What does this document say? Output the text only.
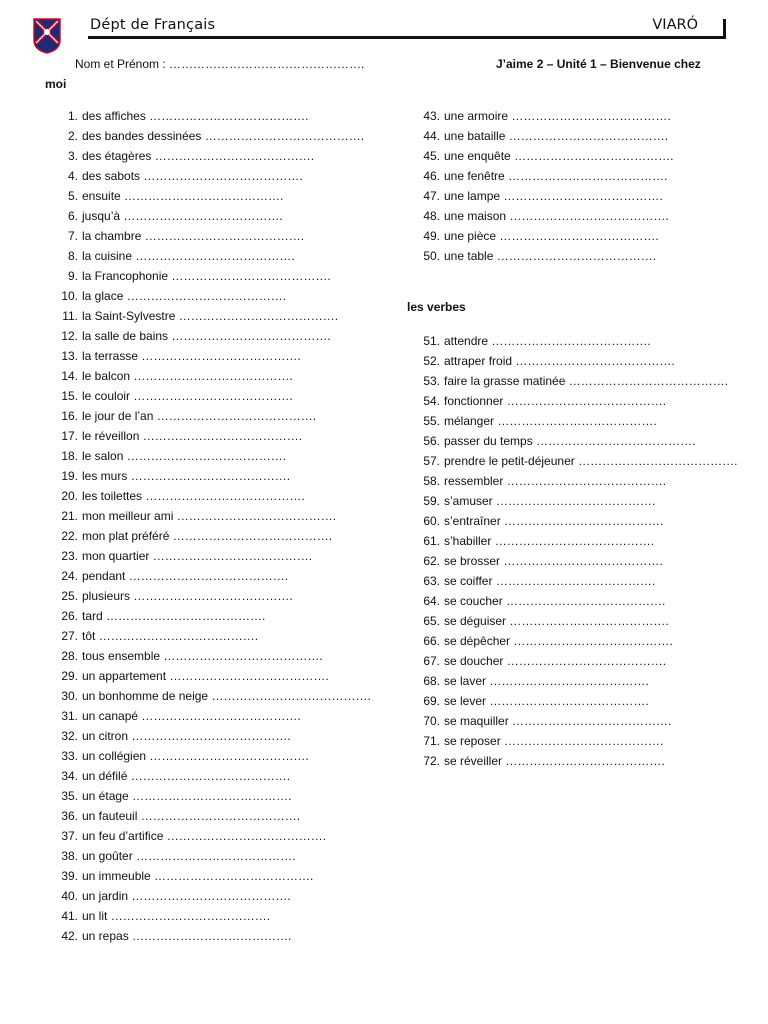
Dépt de Français	VIARÓ
Nom et Prénom : ………………………………………….	J’aime 2 – Unité 1 – Bienvenue chez
moi
1. des affiches ………………………………….
2. des bandes dessinées ………………………………….
3. des étagères ………………………………….
4. des sabots ………………………………….
5. ensuite ………………………………….
6. jusqu’à ………………………………….
7. la chambre ………………………………….
8. la cuisine ………………………………….
9. la Francophonie ………………………………….
10. la glace ………………………………….
11. la Saint-Sylvestre ………………………………….
12. la salle de bains ………………………………….
13. la terrasse ………………………………….
14. le balcon ………………………………….
15. le couloir ………………………………….
16. le jour de l’an ………………………………….
17. le réveillon ………………………………….
18. le salon ………………………………….
19. les murs ………………………………….
20. les toilettes ………………………………….
21. mon meilleur ami ………………………………….
22. mon plat préféré ………………………………….
23. mon quartier ………………………………….
24. pendant ………………………………….
25. plusieurs ………………………………….
26. tard ………………………………….
27. tôt ………………………………….
28. tous ensemble ………………………………….
29. un appartement ………………………………….
30. un bonhomme de neige ………………………………….
31. un canapé ………………………………….
32. un citron ………………………………….
33. un collégien ………………………………….
34. un défilé ………………………………….
35. un étage ………………………………….
36. un fauteuil ………………………………….
37. un feu d’artifice ………………………………….
38. un goûter ………………………………….
39. un immeuble ………………………………….
40. un jardin ………………………………….
41. un lit ………………………………….
42. un repas ………………………………….
43. une armoire ………………………………….
44. une bataille ………………………………….
45. une enquête ………………………………….
46. une fenêtre ………………………………….
47. une lampe ………………………………….
48. une maison ………………………………….
49. une pièce ………………………………….
50. une table ………………………………….
les verbes
51. attendre ………………………………….
52. attraper froid ………………………………….
53. faire la grasse matinée ………………………………….
54. fonctionner ………………………………….
55. mélanger ………………………………….
56. passer du temps ………………………………….
57. prendre le petit-déjeuner ………………………………….
58. ressembler ………………………………….
59. s’amuser ………………………………….
60. s’entraîner ………………………………….
61. s’habiller ………………………………….
62. se brosser ………………………………….
63. se coiffer ………………………………….
64. se coucher ………………………………….
65. se déguiser ………………………………….
66. se dépêcher ………………………………….
67. se doucher ………………………………….
68. se laver ………………………………….
69. se lever ………………………………….
70. se maquiller ………………………………….
71. se reposer ………………………………….
72. se réveiller ………………………………….
